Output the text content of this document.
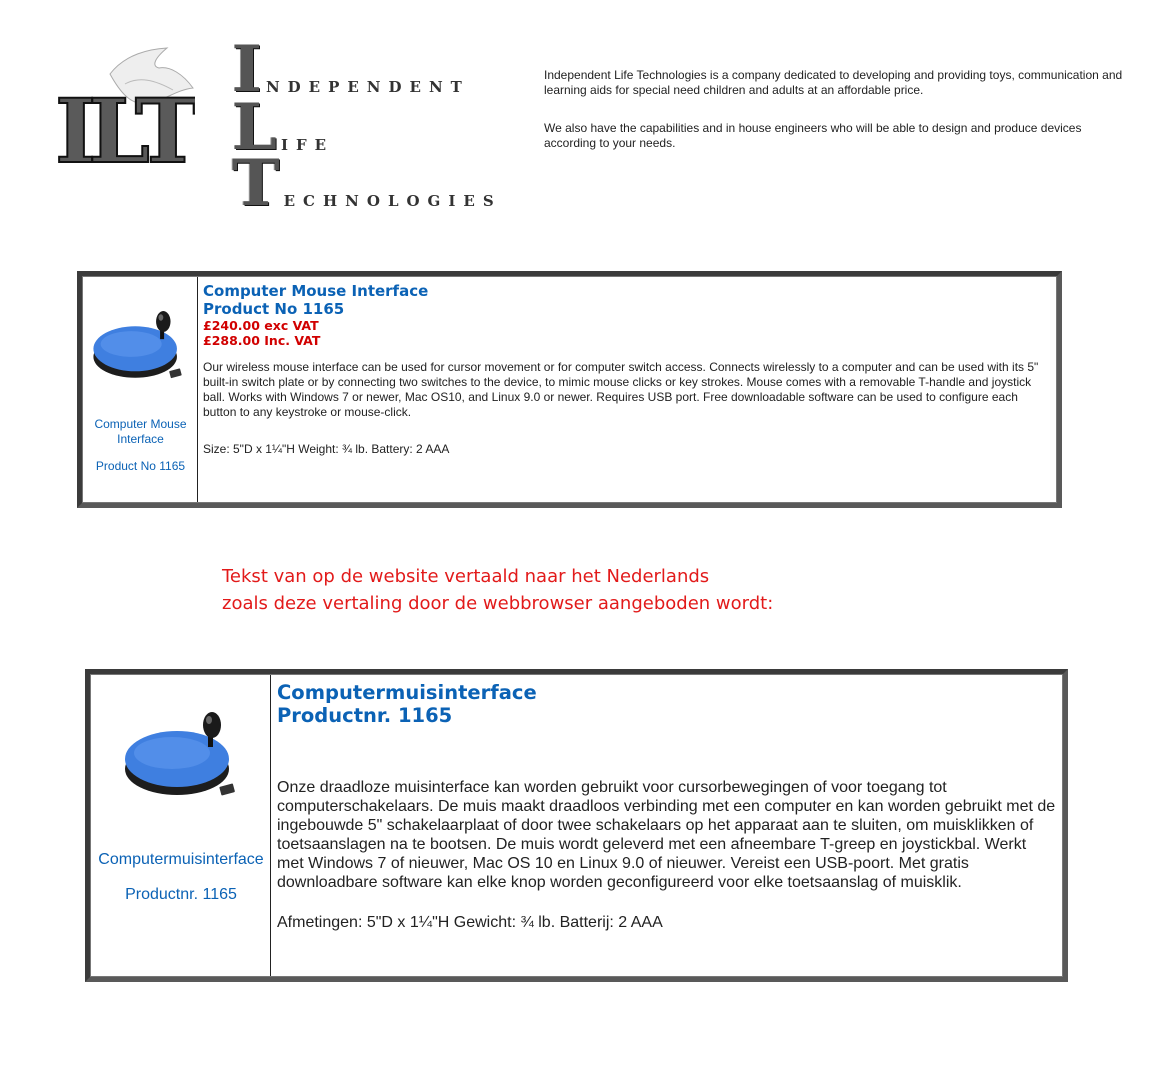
ILT
I NDEPENDENT
L IFE
T ECHNOLOGIES

Independent Life Technologies is a company dedicated to developing and providing toys, communication and learning aids for special need children and adults at an affordable price.

We also have the capabilities and in house engineers who will be able to design and produce devices according to your needs.

Computer Mouse Interface
Product No 1165
Computer Mouse Interface
Product No 1165
£240.00 exc VAT
£288.00 Inc. VAT
Our wireless mouse interface can be used for cursor movement or for computer switch access. Connects wirelessly to a computer and can be used with its 5" built-in switch plate or by connecting two switches to the device, to mimic mouse clicks or key strokes. Mouse comes with a removable T-handle and joystick ball. Works with Windows 7 or newer, Mac OS10, and Linux 9.0 or newer. Requires USB port. Free downloadable software can be used to configure each button to any keystroke or mouse-click.
Size: 5"D x 1¼"H Weight: ¾ lb. Battery: 2 AAA
Tekst van op de website vertaald naar het Nederlands
zoals deze vertaling door de webbrowser aangeboden wordt:
Computermuisinterface
Productnr. 1165
Computermuisinterface
Productnr. 1165
Onze draadloze muisinterface kan worden gebruikt voor cursorbewegingen of voor toegang tot computerschakelaars. De muis maakt draadloos verbinding met een computer en kan worden gebruikt met de ingebouwde 5" schakelaarplaat of door twee schakelaars op het apparaat aan te sluiten, om muisklikken of toetsaanslagen na te bootsen. De muis wordt geleverd met een afneembare T-greep en joystickbal. Werkt met Windows 7 of nieuwer, Mac OS 10 en Linux 9.0 of nieuwer. Vereist een USB-poort. Met gratis downloadbare software kan elke knop worden geconfigureerd voor elke toetsaanslag of muisklik.
Afmetingen: 5"D x 1¼"H Gewicht: ¾ lb. Batterij: 2 AAA
